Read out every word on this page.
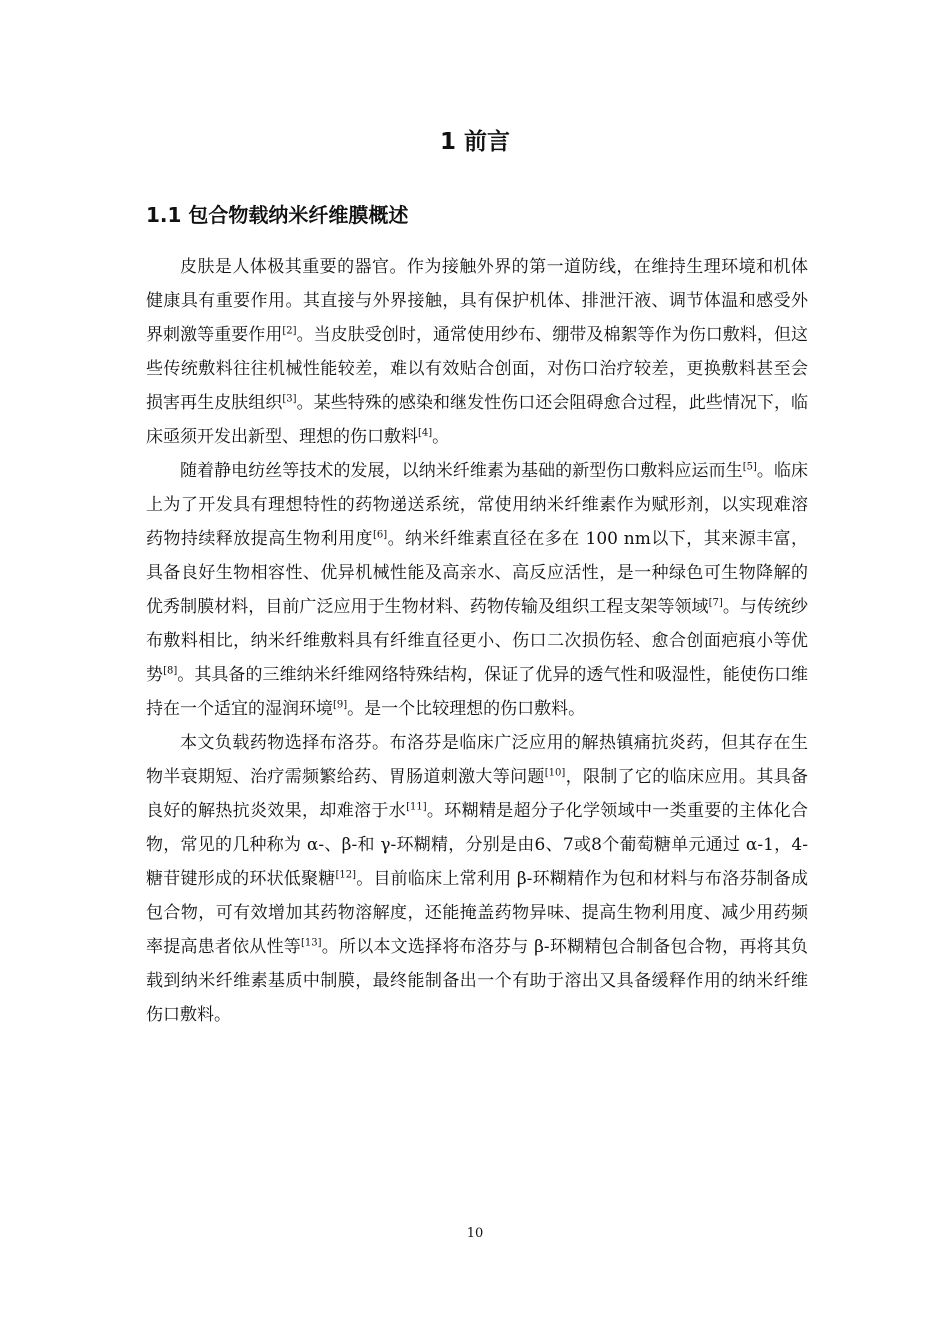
1 前言
1.1 包合物载纳米纤维膜概述

皮肤是人体极其重要的器官。作为接触外界的第一道防线，在维持生理环境和机体健康具有重要作用。其直接与外界接触，具有保护机体、排泄汗液、调节体温和感受外界刺激等重要作用[2]。当皮肤受创时，通常使用纱布、绷带及棉絮等作为伤口敷料，但这些传统敷料往往机械性能较差，难以有效贴合创面，对伤口治疗较差，更换敷料甚至会损害再生皮肤组织[3]。某些特殊的感染和继发性伤口还会阻碍愈合过程，此些情况下，临床亟须开发出新型、理想的伤口敷料[4]。

随着静电纺丝等技术的发展，以纳米纤维素为基础的新型伤口敷料应运而生[5]。临床上为了开发具有理想特性的药物递送系统，常使用纳米纤维素作为赋形剂，以实现难溶药物持续释放提高生物利用度[6]。纳米纤维素直径在多在 100 nm以下，其来源丰富，具备良好生物相容性、优异机械性能及高亲水、高反应活性，是一种绿色可生物降解的优秀制膜材料，目前广泛应用于生物材料、药物传输及组织工程支架等领域[7]。与传统纱布敷料相比，纳米纤维敷料具有纤维直径更小、伤口二次损伤轻、愈合创面疤痕小等优势[8]。其具备的三维纳米纤维网络特殊结构，保证了优异的透气性和吸湿性，能使伤口维持在一个适宜的湿润环境[9]。是一个比较理想的伤口敷料。

本文负载药物选择布洛芬。布洛芬是临床广泛应用的解热镇痛抗炎药，但其存在生物半衰期短、治疗需频繁给药、胃肠道刺激大等问题[10]，限制了它的临床应用。其具备良好的解热抗炎效果，却难溶于水[11]。环糊精是超分子化学领域中一类重要的主体化合物，常见的几种称为 α-、β-和 γ-环糊精，分别是由6、7或8个葡萄糖单元通过 α-1，4-糖苷键形成的环状低聚糖[12]。目前临床上常利用 β-环糊精作为包和材料与布洛芬制备成包合物，可有效增加其药物溶解度，还能掩盖药物异味、提高生物利用度、减少用药频率提高患者依从性等[13]。所以本文选择将布洛芬与 β-环糊精包合制备包合物，再将其负载到纳米纤维素基质中制膜，最终能制备出一个有助于溶出又具备缓释作用的纳米纤维伤口敷料。

10
